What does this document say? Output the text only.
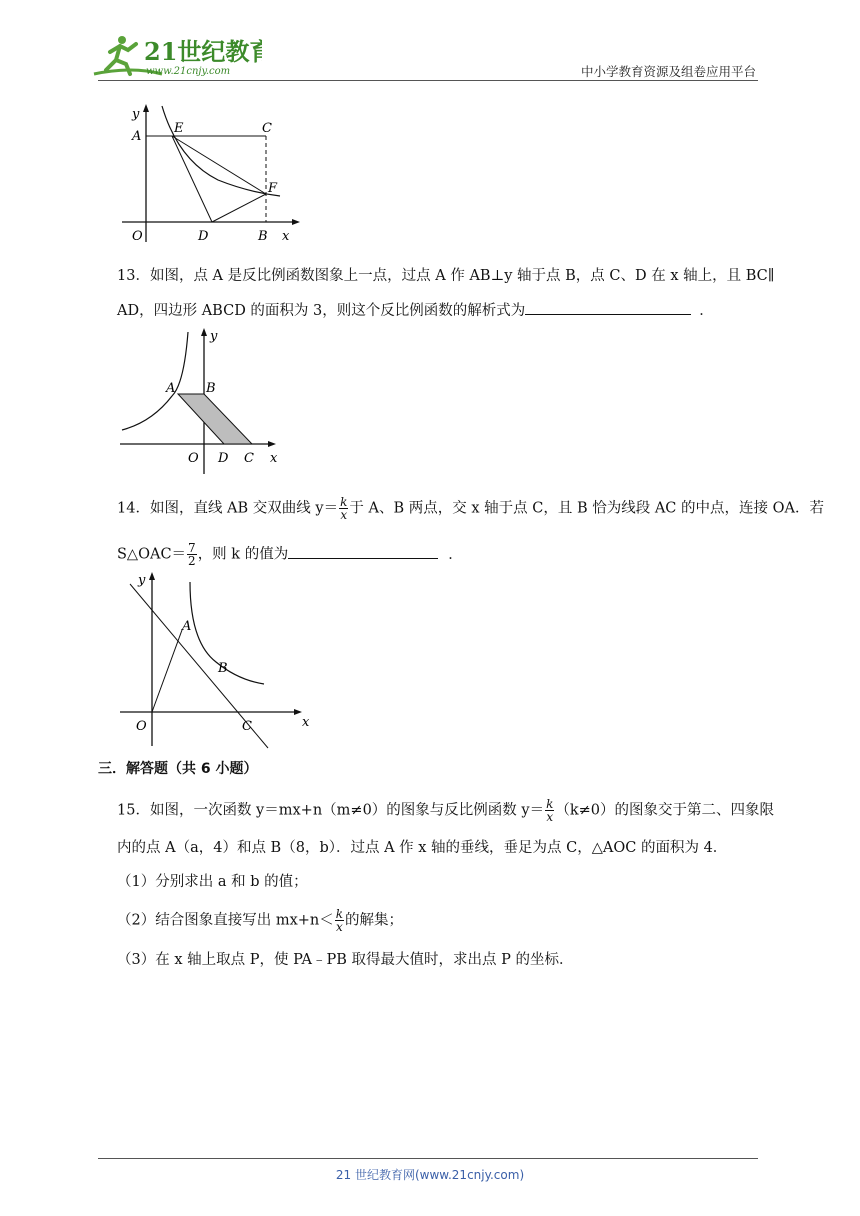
21世纪教育
www.21cnjy.com	中小学教育资源及组卷应用平台
y
A
E	C
F
O	D	B x
13．如图，点 A 是反比例函数图象上一点，过点 A 作 AB⊥y 轴于点 B，点 C、D 在 x 轴上，且 BC∥
AD，四边形 ABCD 的面积为 3，则这个反比例函数的解析式为	．
y
A B
O D C x
14．如图，直线 AB 交双曲线 $y= \frac{k}{x}$ 于 A、B 两点，交 x 轴于点 C，且 B 恰为线段 AC 的中点，连接 OA．若
S△OAC＝ $\frac{7}{2}$ ，则 k 的值为	．
y
A
B
O	C	x
三．解答题（共 6 小题）
15．如图，一次函数 y＝mx+n（m≠0）的图象与反比例函数 $y= \frac{k}{x} (k\ne 0)$的图象交于第二、四象限
内的点 A（a，4）和点 B（8，b）．过点 A 作 x 轴的垂线，垂足为点 C，△AOC 的面积为 4．
（1）分别求出 a 和 b 的值；
（2）结合图象直接写出 $mx+n< \frac{k}{x}$ 的解集；
（3）在 x 轴上取点 P，使 PA﹣PB 取得最大值时，求出点 P 的坐标．
21 世纪教育网(www.21cnjy.com)
